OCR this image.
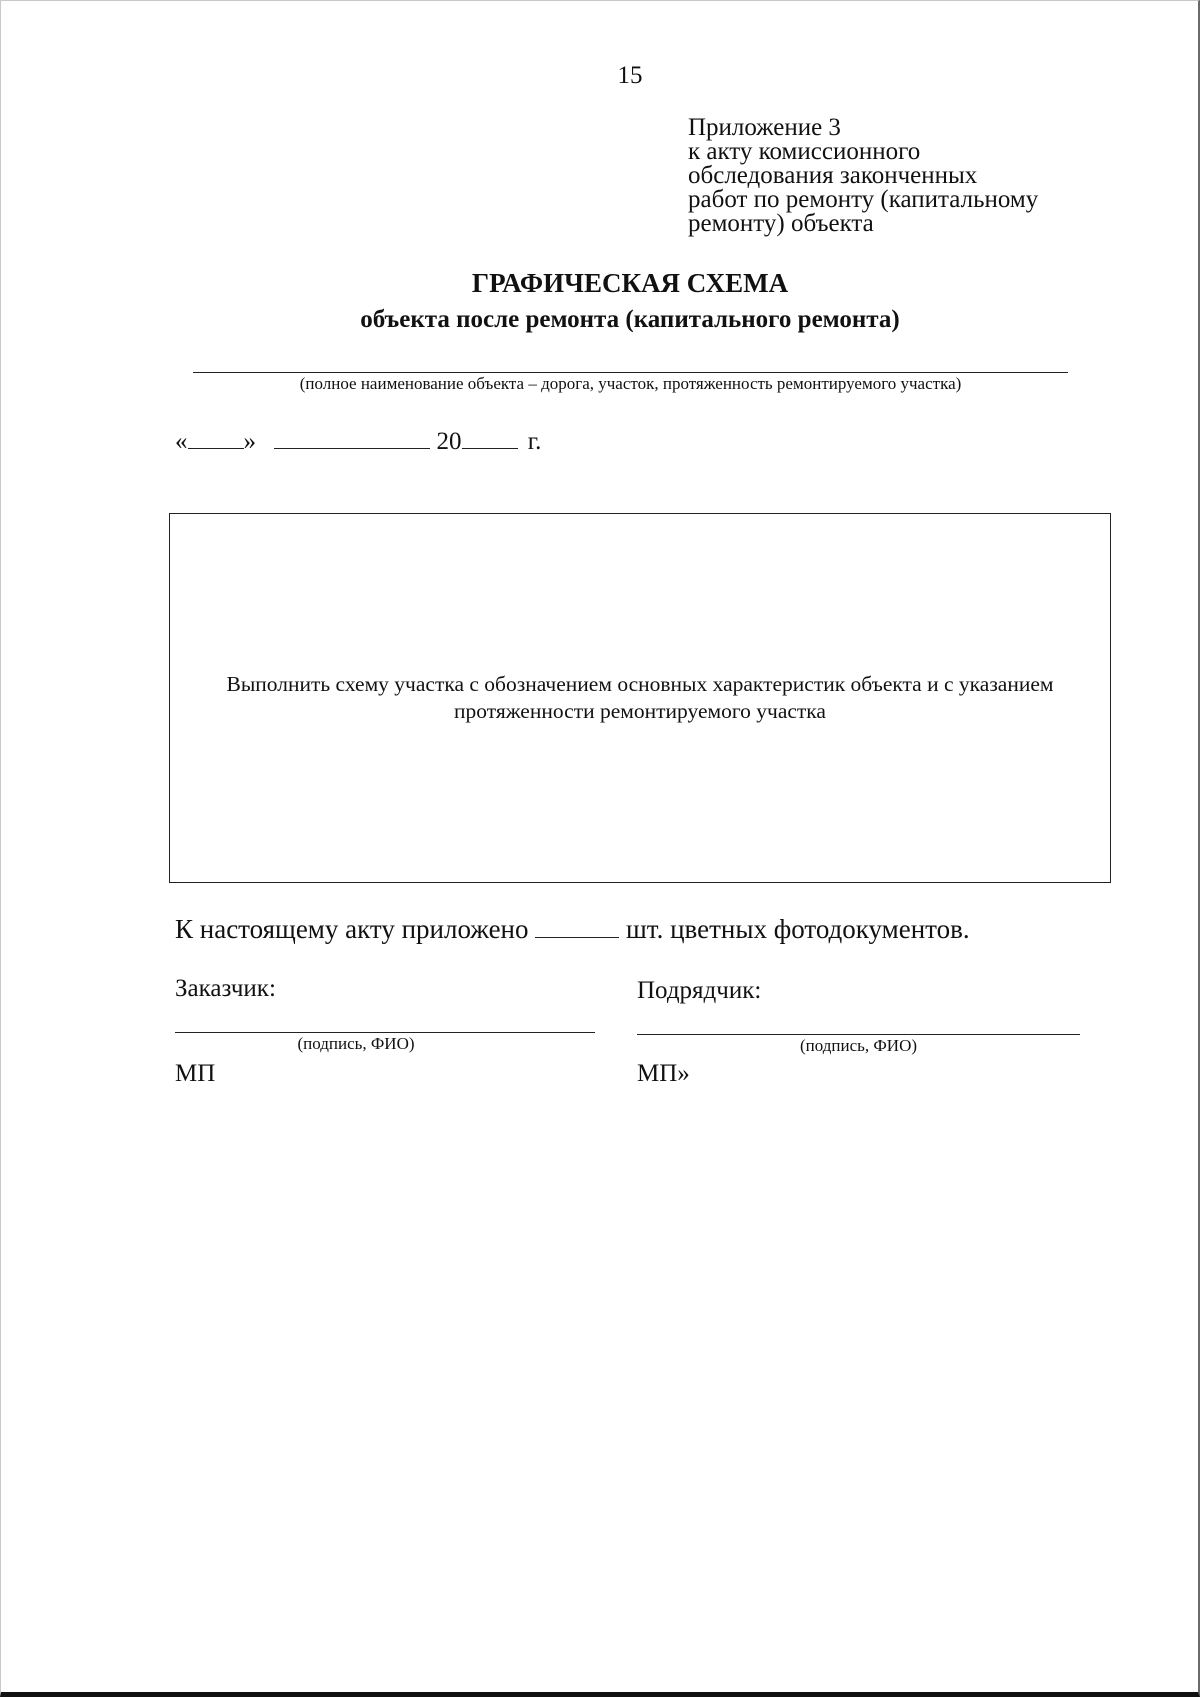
15
Приложение 3
к акту комиссионного
обследования законченных
работ по ремонту (капитальному
ремонту) объекта
ГРАФИЧЕСКАЯ СХЕМА
объекта после ремонта (капитального ремонта)
(полное наименование объекта – дорога, участок, протяженность ремонтируемого участка)
« »	20	г.
Выполнить схему участка с обозначением основных характеристик объекта и с указанием
протяженности ремонтируемого участка
К настоящему акту приложено	шт. цветных фотодокументов.
Заказчик:
(подпись, ФИО)
МП
Подрядчик:
(подпись, ФИО)
МП»
